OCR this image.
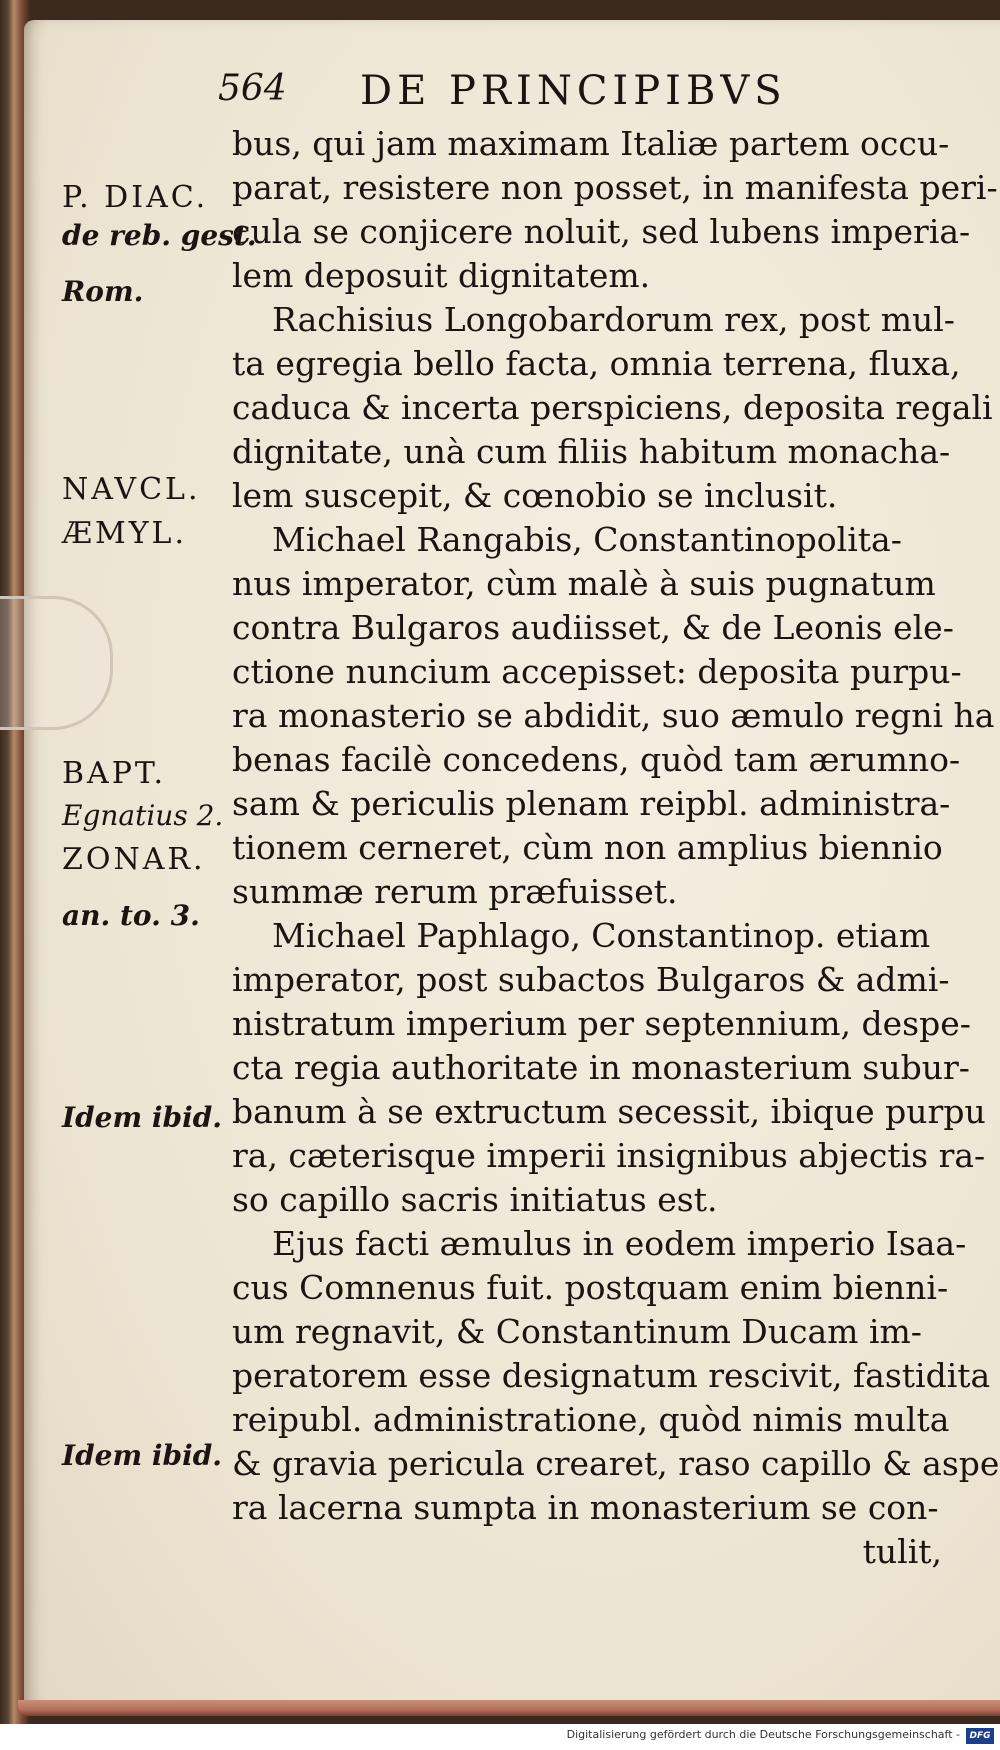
564 DE PRINCIPIBVS
bus, qui jam maximam Italiæ partem occu-
parat, resistere non posset, in manifesta peri-
cula se conjicere noluit, sed lubens imperia-
lem deposuit dignitatem.
Rachisius Longobardorum rex, post mul-
ta egregia bello facta, omnia terrena, fluxa,
caduca & incerta perspiciens, deposita regali
dignitate, unà cum filiis habitum monacha-
lem suscepit, & cœnobio se inclusit.
Michael Rangabis, Constantinopolita-
nus imperator, cùm malè à suis pugnatum
contra Bulgaros audiisset, & de Leonis ele-
ctione nuncium accepisset: deposita purpu-
ra monasterio se abdidit, suo æmulo regni ha
benas facilè concedens, quòd tam ærumno-
sam & periculis plenam reipbl. administra-
tionem cerneret, cùm non amplius biennio
summæ rerum præfuisset.
Michael Paphlago, Constantinop. etiam
imperator, post subactos Bulgaros & admi-
nistratum imperium per septennium, despe-
cta regia authoritate in monasterium subur-
banum à se extructum secessit, ibique purpu
ra, cæterisque imperii insignibus abjectis ra-
so capillo sacris initiatus est.
Ejus facti æmulus in eodem imperio Isaa-
cus Comnenus fuit. postquam enim bienni-
um regnavit, & Constantinum Ducam im-
peratorem esse designatum rescivit, fastidita
reipubl. administratione, quòd nimis multa
& gravia pericula crearet, raso capillo & aspe
ra lacerna sumpta in monasterium se con-
tulit,
P. DIAC.
de reb. gest.
Rom.
NAVCL.
ÆMYL.
BAPT.
Egnatius 2.
ZONAR.
an. to. 3.
Idem ibid.
Idem ibid.
Digitalisierung gefördert durch die Deutsche Forschungsgemeinschaft -	DFG
